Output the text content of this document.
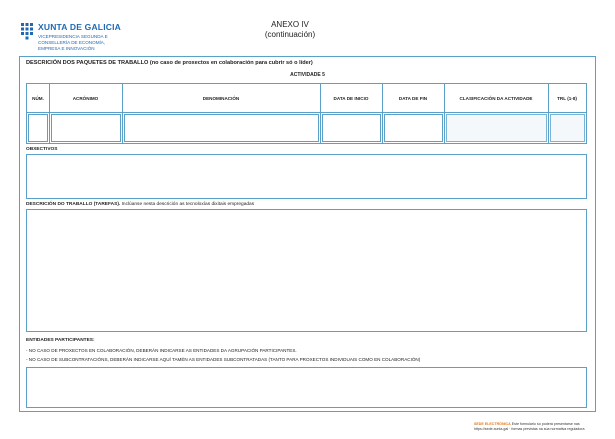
XUNTA DE GALICIA
VICEPRESIDENCIA SEGUNDA E
CONSELLERÍA DE ECONOMÍA,
EMPRESA E INNOVACIÓN
ANEXO IV
(continuación)
DESCRICIÓN DOS PAQUETES DE TRABALLO (no caso de proxectos en colaboración para cubrir só o líder)
ACTIVIDADE 5
NÚM.	ACRÓNIMO	DENOMINACIÓN	DATA DE INICIO	DATA DE FIN	CLASIFICACIÓN DA ACTIVIDADE	TRL (1-8)
OBXECTIVOS
DESCRICIÓN DO TRABALLO (TAREFAS). Inclúanse nesta descrición as tecnoloxías dixitais empregadas
ENTIDADES PARTICIPANTES:
- NO CASO DE PROXECTOS EN COLABORACIÓN, DEBERÁN INDICARSE AS ENTIDADES DA AGRUPACIÓN PARTICIPANTES.
- NO CASO DE SUBCONTRATACIÓNS, DEBERÁN INDICARSE AQUÍ TAMÉN AS ENTIDADES SUBCONTRATADAS (TANTO PARA PROXECTOS INDIVIDUAIS COMO EN COLABORACIÓN)
SEDE ELECTRÓNICA Este formulario só poderá presentarse nas
https://sede.xunta.gal · formas previstas na súa normativa reguladora
